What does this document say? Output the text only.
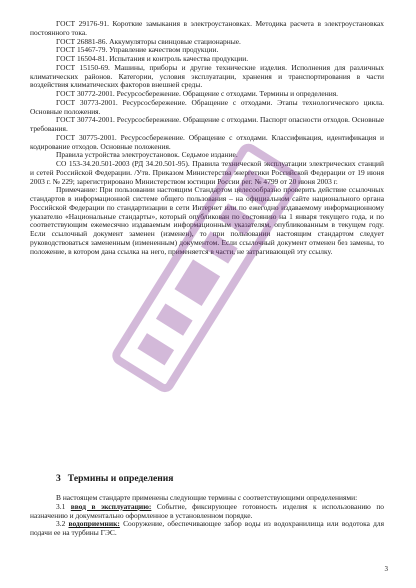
ГОСТ 29176-91. Короткие замыкания в электроустановках. Методика расчета в электроустановках постоянного тока.

ГОСТ 26881-86. Аккумуляторы свинцовые стационарные.

ГОСТ 15467-79. Управление качеством продукции.

ГОСТ 16504-81. Испытания и контроль качества продукции.

ГОСТ 15150-69. Машины, приборы и другие технические изделия. Исполнения для различных климатических районов. Категории, условия эксплуатации, хранения и транспортирования в части воздействия климатических факторов внешней среды.

ГОСТ 30772-2001. Ресурсосбережение. Обращение с отходами. Термины и определения.

ГОСТ 30773-2001. Ресурсосбережение. Обращение с отходами. Этапы технологического цикла. Основные положения.

ГОСТ 30774-2001. Ресурсосбережение. Обращение с отходами. Паспорт опасности отходов. Основные требования.

ГОСТ 30775-2001. Ресурсосбережение. Обращение с отходами. Классификация, идентификация и кодирование отходов. Основные положения.

Правила устройства электроустановок. Седьмое издание.

СО 153-34.20.501-2003 (РД 34.20.501-95). Правила технической эксплуатации электрических станций и сетей Российской Федерации. /Утв. Приказом Министерства энергетики Российской Федерации от 19 июня 2003 г. № 229; зарегистрировано Министерством юстиции России рег. № 4799 от 20 июня 2003 г.

Примечание: При пользовании настоящим Стандартом целесообразно проверить действие ссылочных стандартов в информационной системе общего пользования – на официальном сайте национального органа Российской Федерации по стандартизации в сети Интернет или по ежегодно издаваемому информационному указателю «Национальные стандарты», который опубликован по состоянию на 1 января текущего года, и по соответствующим ежемесячно издаваемым информационным указателям, опубликованным в текущем году. Если ссылочный документ заменен (изменен), то при пользовании настоящим стандартом следует руководствоваться замененным (измененным) документом. Если ссылочный документ отменен без замены, то положение, в котором дана ссылка на него, применяется в части, не затрагивающей эту ссылку.

3 Термины и определения

В настоящем стандарте применены следующие термины с соответствующими определениями:

3.1 ввод в эксплуатацию: Событие, фиксирующее готовность изделия к использованию по назначению и документально оформленное в установленном порядке.

3.2 водоприемник: Сооружение, обеспечивающее забор воды из водохранилища или водотока для подачи ее на турбины ГЭС.

3
